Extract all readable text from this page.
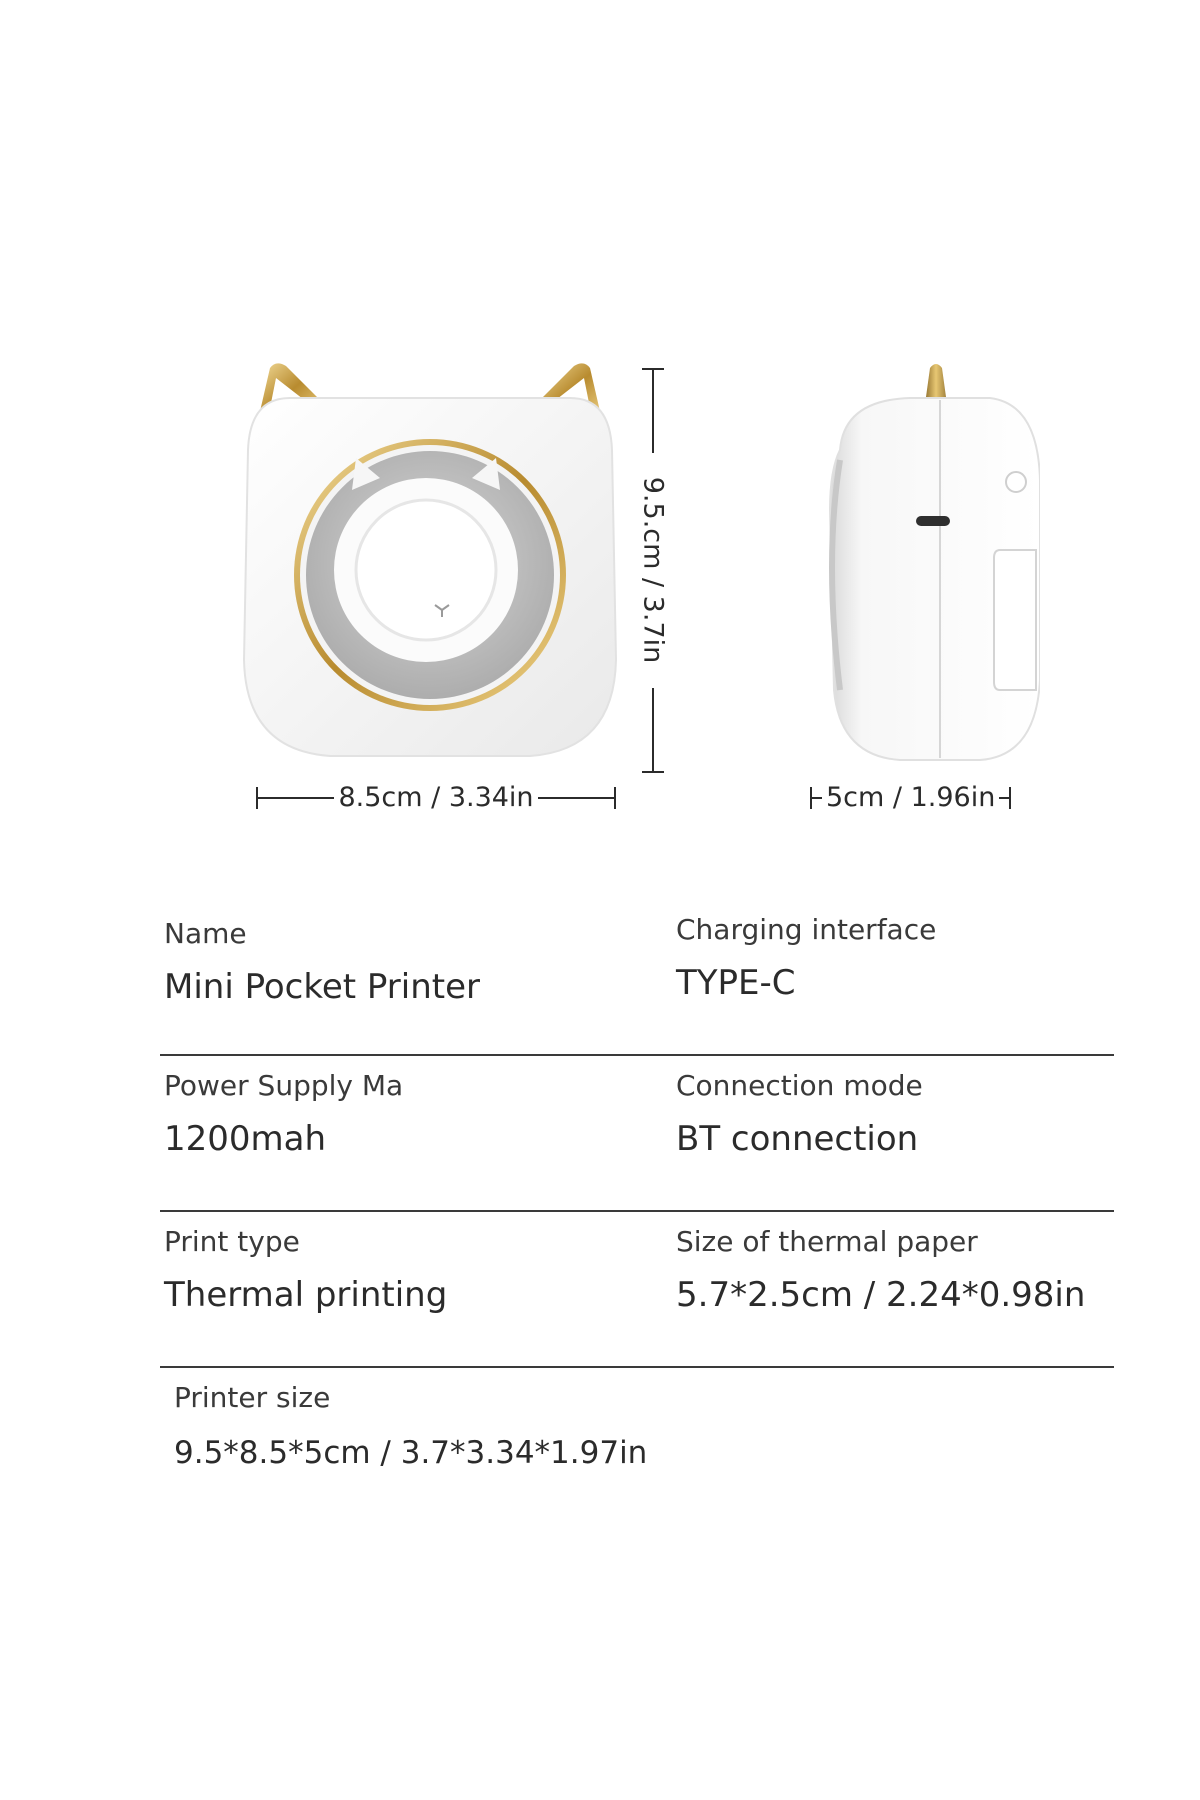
8.5cm / 3.34in
9.5.cm / 3.7in
5cm / 1.96in
Name
Mini Pocket Printer
Charging interface
TYPE-C
Power Supply Ma
1200mah
Connection mode
BT connection
Print type
Thermal printing
Size of thermal paper
5.7*2.5cm / 2.24*0.98in
Printer size
9.5*8.5*5cm / 3.7*3.34*1.97in
